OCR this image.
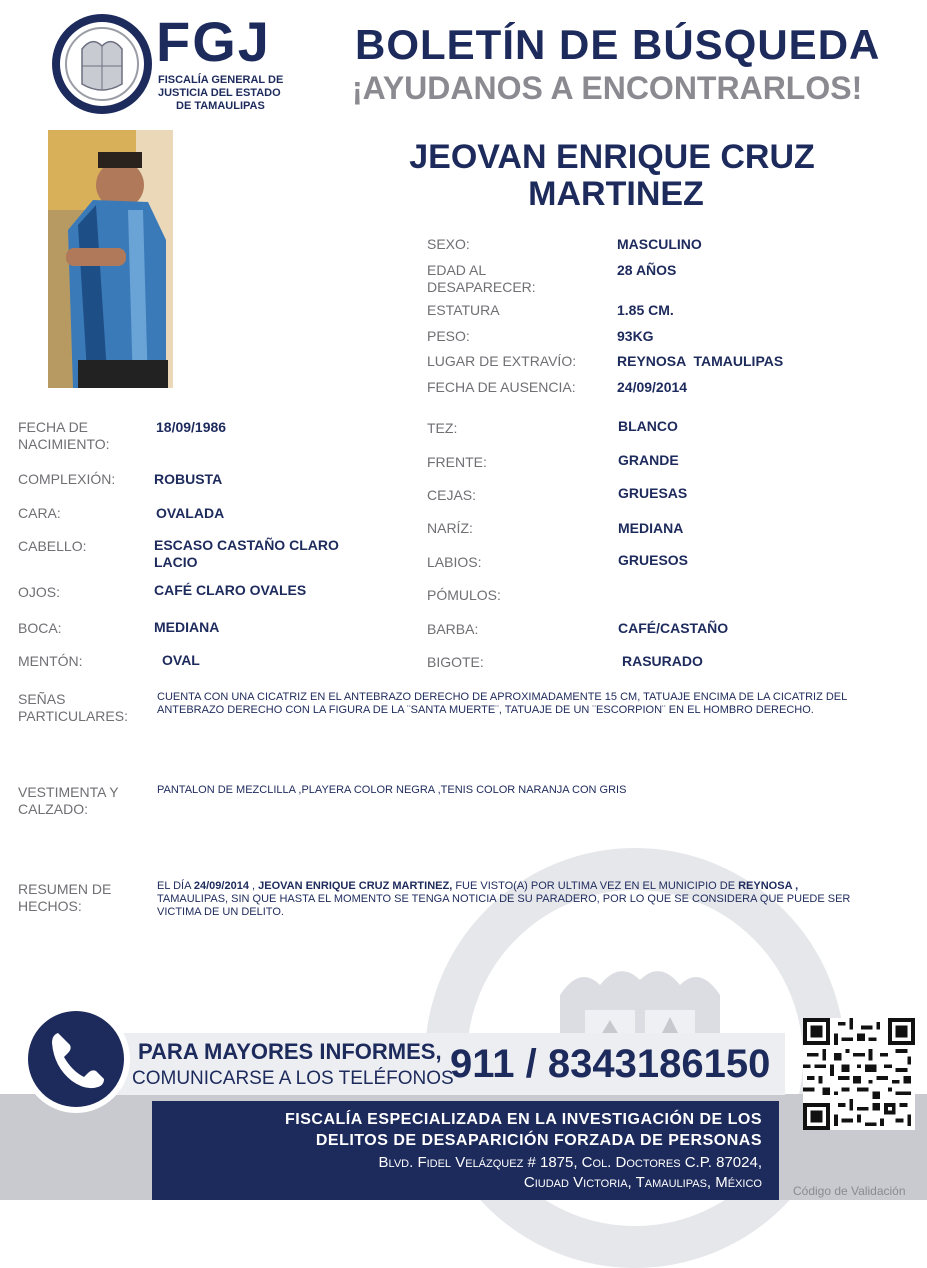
FGJ
FISCALÍA GENERAL DE
JUSTICIA DEL ESTADO
DE TAMAULIPAS
BOLETÍN DE BÚSQUEDA
¡AYUDANOS A ENCONTRARLOS!
JEOVAN ENRIQUE CRUZ
MARTINEZ
SEXO:	MASCULINO
EDAD AL DESAPARECER:
28 AÑOS
ESTATURA	1.85 CM.
PESO:	93KG
LUGAR DE EXTRAVÍO:	REYNOSA  TAMAULIPAS
FECHA DE AUSENCIA:	24/09/2014
FECHA DE NACIMIENTO:
18/09/1986
COMPLEXIÓN:	ROBUSTA
CARA:	OVALADA
CABELLO:	ESCASO CASTAÑO CLARO LACIO
OJOS:	CAFÉ CLARO OVALES
BOCA:	MEDIANA
MENTÓN:	OVAL
TEZ:	BLANCO
FRENTE:	GRANDE
CEJAS:	GRUESAS
NARÍZ:	MEDIANA
LABIOS:	GRUESOS
PÓMULOS:
BARBA:	CAFÉ/CASTAÑO
BIGOTE:	RASURADO
SEÑAS PARTICULARES:
CUENTA CON UNA CICATRIZ EN EL ANTEBRAZO DERECHO DE APROXIMADAMENTE 15 CM, TATUAJE ENCIMA DE LA CICATRIZ DEL ANTEBRAZO DERECHO CON LA FIGURA DE LA ¨SANTA MUERTE¨, TATUAJE DE UN ¨ESCORPION¨ EN EL HOMBRO DERECHO.
VESTIMENTA Y CALZADO:
PANTALON DE MEZCLILLA ,PLAYERA COLOR NEGRA ,TENIS COLOR NARANJA CON GRIS
RESUMEN DE HECHOS:
EL DÍA 24/09/2014 , JEOVAN ENRIQUE CRUZ MARTINEZ, FUE VISTO(A) POR ULTIMA VEZ EN EL MUNICIPIO DE REYNOSA , TAMAULIPAS, SIN QUE HASTA EL MOMENTO SE TENGA NOTICIA DE SU PARADERO, POR LO QUE SE CONSIDERA QUE PUEDE SER VICTIMA DE UN DELITO.
PARA MAYORES INFORMES,
COMUNICARSE A LOS TELÉFONOS
911 / 8343186150
FISCALÍA ESPECIALIZADA EN LA INVESTIGACIÓN DE LOS
DELITOS DE DESAPARICIÓN FORZADA DE PERSONAS
Blvd. Fidel Velázquez # 1875, Col. Doctores C.P. 87024,
Ciudad Victoria, Tamaulipas, México	Código de Validación
